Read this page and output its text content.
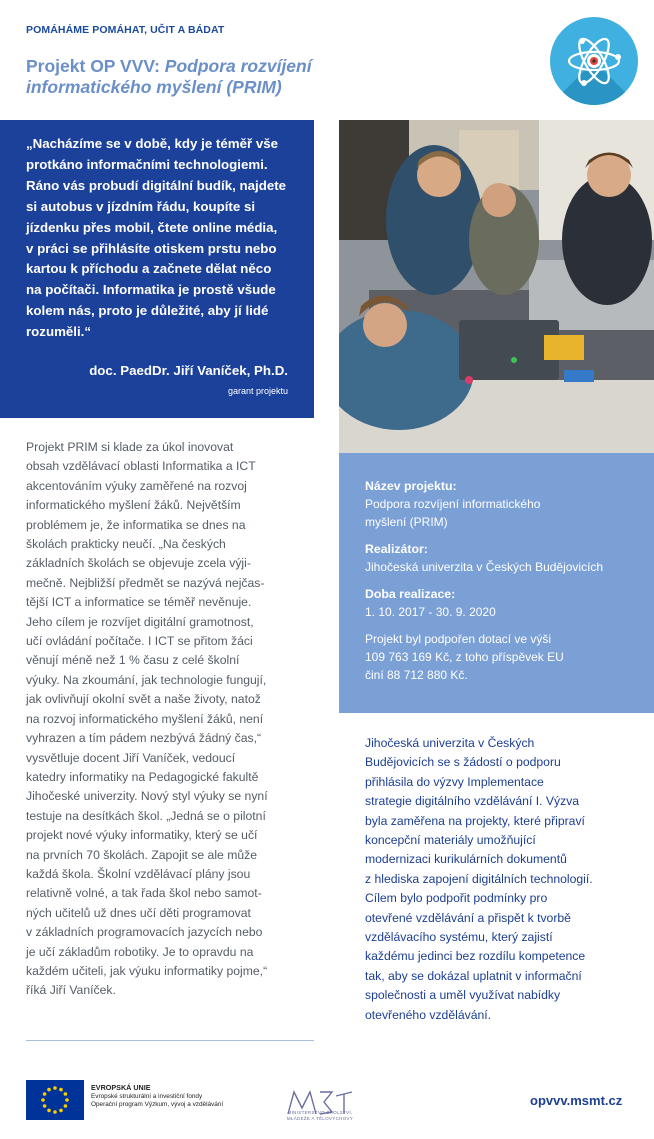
POMÁHÁME POMÁHAT, UČIT A BÁDAT
Projekt OP VVV: Podpora rozvíjení
informatického myšlení (PRIM)
„Nacházíme se v době, kdy je téměř vše
protkáno informačními technologiemi.
Ráno vás probudí digitální budík, najdete
si autobus v jízdním řádu, koupíte si
jízdenku přes mobil, čtete online média,
v práci se přihlásíte otiskem prstu nebo
kartou k příchodu a začnete dělat něco
na počítači. Informatika je prostě všude
kolem nás, proto je důležité, aby jí lidé
rozuměli.“
doc. PaedDr. Jiří Vaníček, Ph.D.
garant projektu
Název projektu:
Podpora rozvíjení informatického
myšlení (PRIM)
Realizátor:
Jihočeská univerzita v Českých Budějovicích
Doba realizace:
1. 10. 2017 - 30. 9. 2020
Projekt byl podpořen dotací ve výši
109 763 169 Kč, z toho příspěvek EU
činí 88 712 880 Kč.
Projekt PRIM si klade za úkol inovovat
obsah vzdělávací oblasti Informatika a ICT
akcentováním výuky zaměřené na rozvoj
informatického myšlení žáků. Největším
problémem je, že informatika se dnes na
školách prakticky neučí. „Na českých
základních školách se objevuje zcela výji-
mečně. Nejbližší předmět se nazývá nejčas-
tější ICT a informatice se téměř nevěnuje.
Jeho cílem je rozvíjet digitální gramotnost,
učí ovládání počítače. I ICT se přitom žáci
věnují méně než 1 % času z celé školní
výuky. Na zkoumání, jak technologie fungují,
jak ovlivňují okolní svět a naše životy, natož
na rozvoj informatického myšlení žáků, není
vyhrazen a tím pádem nezbývá žádný čas,“
vysvětluje docent Jiří Vaníček, vedoucí
katedry informatiky na Pedagogické fakultě
Jihočeské univerzity. Nový styl výuky se nyní
testuje na desítkách škol. „Jedná se o pilotní
projekt nové výuky informatiky, který se učí
na prvních 70 školách. Zapojit se ale může
každá škola. Školní vzdělávací plány jsou
relativně volné, a tak řada škol nebo samot-
ných učitelů už dnes učí děti programovat
v základních programovacích jazycích nebo
je učí základům robotiky. Je to opravdu na
každém učiteli, jak výuku informatiky pojme,“
říká Jiří Vaníček.
Jihočeská univerzita v Českých
Budějovicích se s žádostí o podporu
přihlásila do výzvy Implementace
strategie digitálního vzdělávání I. Výzva
byla zaměřena na projekty, které připraví
koncepční materiály umožňující
modernizaci kurikulárních dokumentů
z hlediska zapojení digitálních technologií.
Cílem bylo podpořit podmínky pro
otevřené vzdělávání a přispět k tvorbě
vzdělávacího systému, který zajistí
každému jedinci bez rozdílu kompetence
tak, aby se dokázal uplatnit v informační
společnosti a uměl využívat nabídky
otevřeného vzdělávání.
EVROPSKÁ UNIE
Evropské strukturální a investiční fondy
Operační program Výzkum, vývoj a vzdělávání
MINISTERSTVO ŠKOLSTVÍ,
MLÁDEŽE A TĚLOVÝCHOVY
opvvv.msmt.cz
